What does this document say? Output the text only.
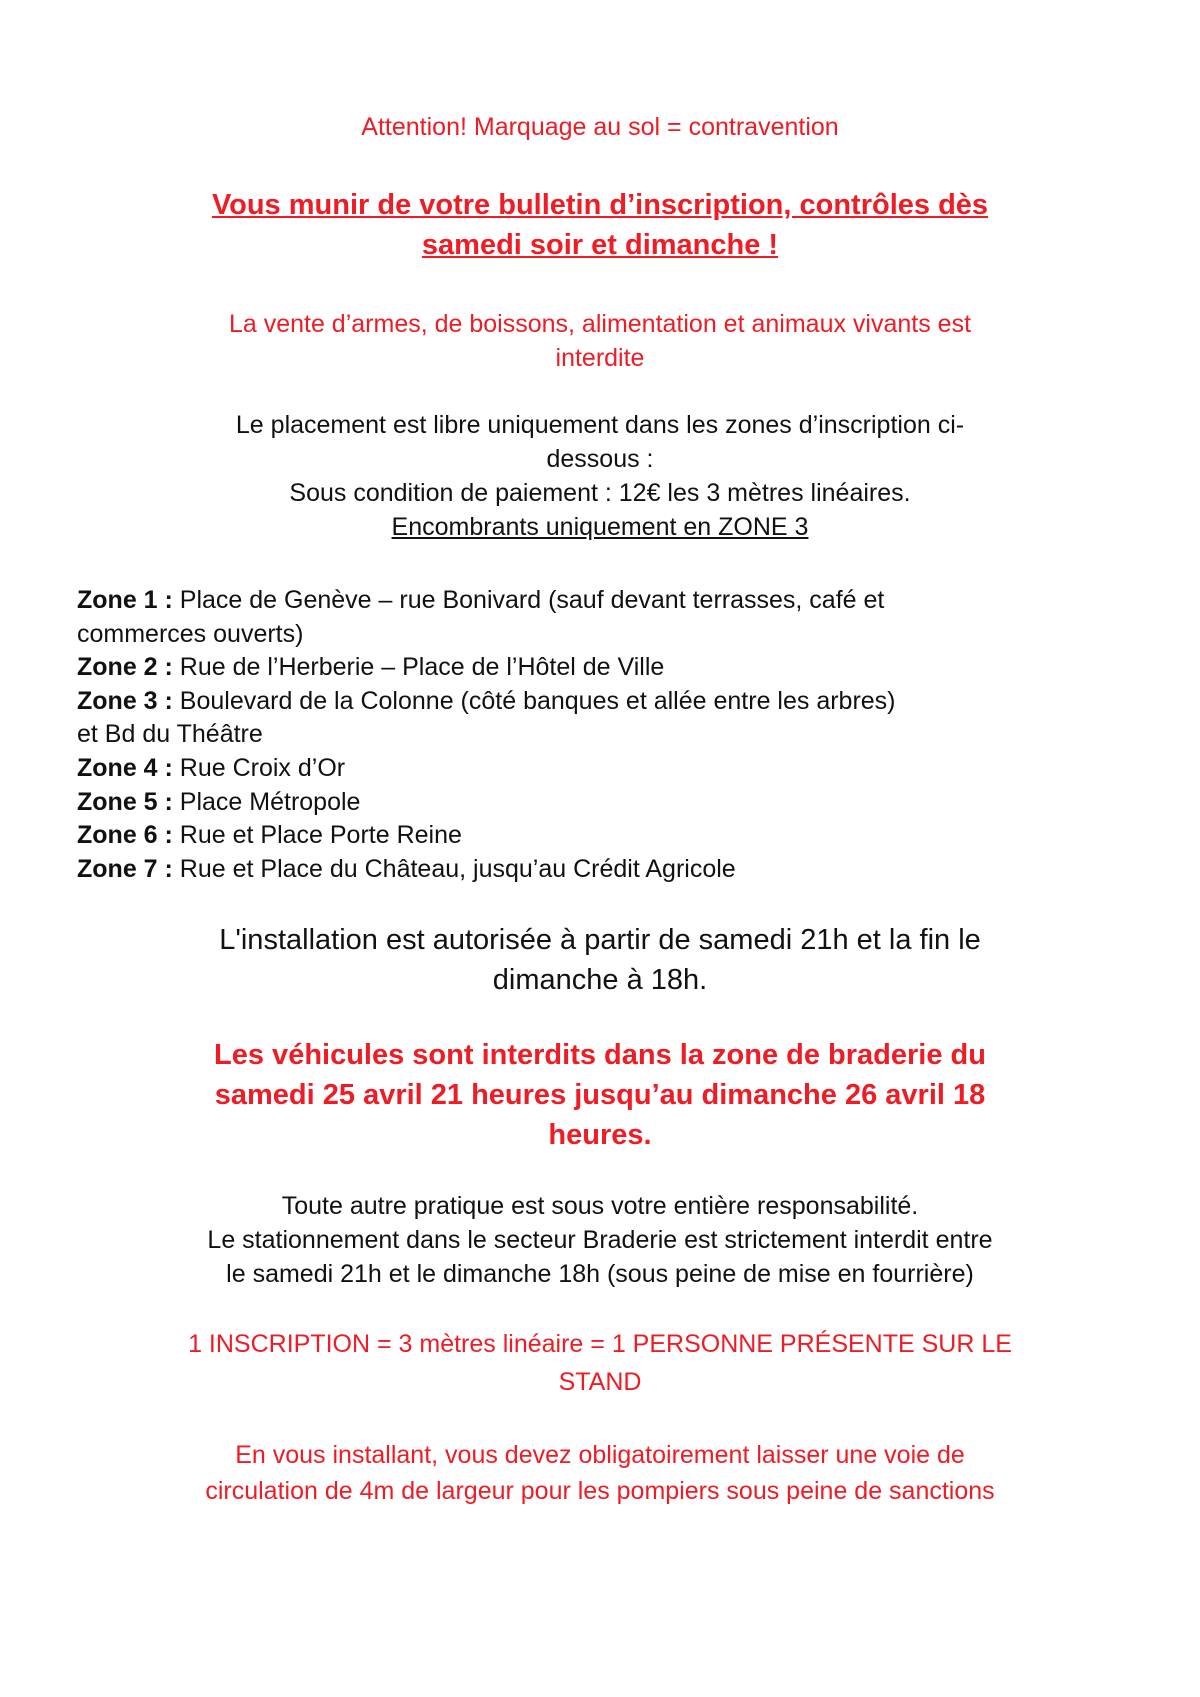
Attention! Marquage au sol = contravention
Vous munir de votre bulletin d’inscription, contrôles dès
samedi soir et dimanche !
La vente d’armes, de boissons, alimentation et animaux vivants est
interdite
Le placement est libre uniquement dans les zones d’inscription ci-
dessous :
Sous condition de paiement : 12€ les 3 mètres linéaires.
Encombrants uniquement en ZONE 3
Zone 1 : Place de Genève – rue Bonivard (sauf devant terrasses, café et
commerces ouverts)
Zone 2 : Rue de l’Herberie – Place de l’Hôtel de Ville
Zone 3 : Boulevard de la Colonne (côté banques et allée entre les arbres)
et Bd du Théâtre
Zone 4 : Rue Croix d’Or
Zone 5 : Place Métropole
Zone 6 : Rue et Place Porte Reine
Zone 7 : Rue et Place du Château, jusqu’au Crédit Agricole
L'installation est autorisée à partir de samedi 21h et la fin le
dimanche à 18h.
Les véhicules sont interdits dans la zone de braderie du
samedi 25 avril 21 heures jusqu’au dimanche 26 avril 18
heures.
Toute autre pratique est sous votre entière responsabilité.
Le stationnement dans le secteur Braderie est strictement interdit entre
le samedi 21h et le dimanche 18h (sous peine de mise en fourrière)
1 INSCRIPTION = 3 mètres linéaire = 1 PERSONNE PRÉSENTE SUR LE
STAND
En vous installant, vous devez obligatoirement laisser une voie de
circulation de 4m de largeur pour les pompiers sous peine de sanctions
